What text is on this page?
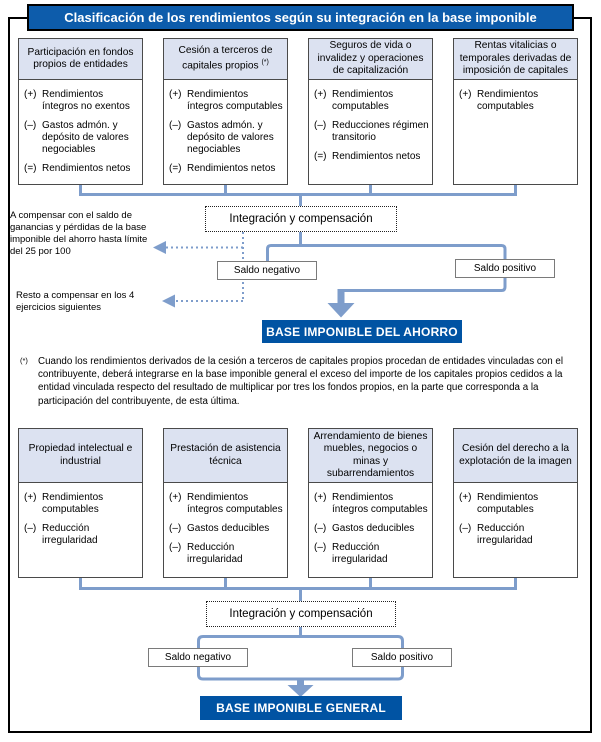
Clasificación de los rendimientos según su integración en la base imponible
Participación en fondos propios de entidades
(+) Rendimientos íntegros no exentos
(–) Gastos admón. y depósito de valores negociables
(=) Rendimientos netos
Cesión a terceros de capitales propios (*)
(+) Rendimientos íntegros computables
(–) Gastos admón. y depósito de valores negociables
(=) Rendimientos netos
Seguros de vida o invalidez y operaciones de capitalización
(+) Rendimientos computables
(–) Reducciones régimen transitorio
(=) Rendimientos netos
Rentas vitalicias o temporales derivadas de imposición de capitales
(+) Rendimientos computables
Integración y compensación
A compensar con el saldo de ganancias y pérdidas de la base imponible del ahorro hasta límite del 25 por 100
Resto a compensar en los 4 ejercicios siguientes
Saldo negativo	Saldo positivo
BASE IMPONIBLE DEL AHORRO
(*)	Cuando los rendimientos derivados de la cesión a terceros de capitales propios procedan de entidades vinculadas con el contribuyente, deberá integrarse en la base imponible general el exceso del importe de los capitales propios cedidos a la entidad vinculada respecto del resultado de multiplicar por tres los fondos propios, en la parte que corresponda a la participación del contribuyente, de esta última.
Propiedad intelectual e industrial
(+) Rendimientos computables
(–) Reducción irregularidad
Prestación de asistencia técnica
(+) Rendimientos íntegros computables
(–) Gastos deducibles
(–) Reducción irregularidad
Arrendamiento de bienes muebles, negocios o minas y subarrendamientos
(+) Rendimientos íntegros computables
(–) Gastos deducibles
(–) Reducción irregularidad
Cesión del derecho a la explotación de la imagen
(+) Rendimientos computables
(–) Reducción irregularidad
Integración y compensación
Saldo negativo	Saldo positivo
BASE IMPONIBLE GENERAL
